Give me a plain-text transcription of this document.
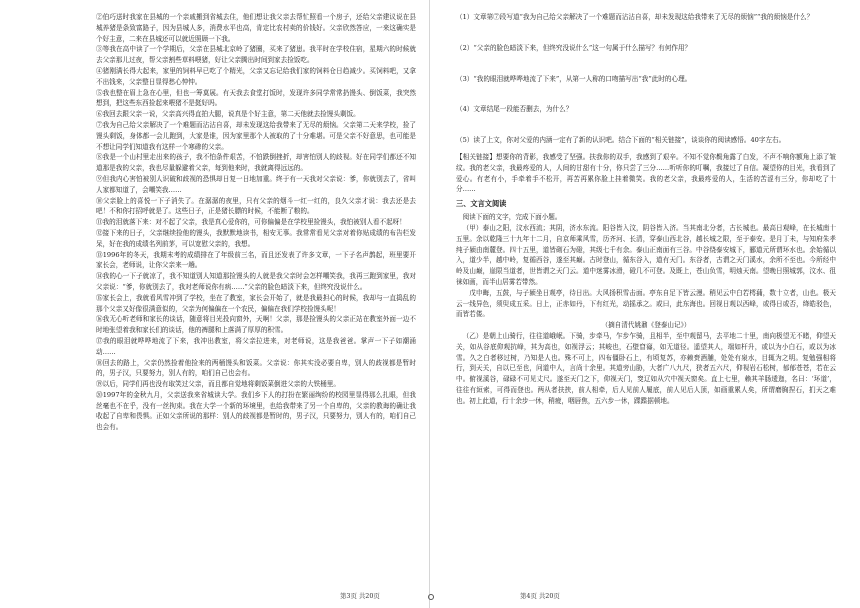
②伯巧送时我家在县城的一个亲戚搬到省城去住，他们想让我父亲去帮忙照看一个房子，还给父亲建议说在县城养猪是条致富路子，因为县城人多，消费水平也高，肯定比农村卖的价钱好。父亲欣然答应，一来这确实是个好主意，二来在县城还可以就近照顾一下我。

③等我在高中读了一个学期后，父亲在县城北京岭了猪圈，买来了猪崽。我平时在学校住宿，星期六的时候就去父亲那儿过夜，帮父亲割些草料喂猪，好让父亲腾出时间到家去捡饭吃。

④猪刚满长得大起来，家里的饲料早已吃了个精光，父亲又忘记给我们家的饲料仓日趋减少。买饲料吧，又拿不出钱来，父亲整日显得愁心忡忡。

⑤我也整在眉上急在心里，但也一筹莫展。有天我去食堂打饭时，发现许多同学常常扔馒头、倒饭菜，我突然想到，把这些东西捡起来喂猪不是挺好吗。

⑥我回去跟父亲一说，父亲高兴得直拍大腿，说真是个好主意，第二天他就去捡馒头剩饭。

⑦我为自己给父亲解决了一个难题而沾沾自喜，却未发现这给我带来了无尽的烦恼。父亲第二天来学校，捡了馒头剩饭，身体都一会儿跑到，大家是谁，因为家里那个人被取的了十分难堪。可是父亲不好意思，也可能是不想让同学们知道我有这样一个寒碜的父亲。

⑧我是一个山村里走出来的孩子，我不怕条件艰苦，不怕跌倒挫折，却害怕别人的歧视。好在同学们都还不知道那是我的父亲，我也尽量躲避着父亲，每到他来时，我就离得远远的。

⑨但我内心害怕被别人识破和歧视的恐惧却日复一日地加重。终于有一天我对父亲说：爹，你就别去了，省叫人家都知道了，会嘲笑我……

⑩父亲脸上的喜悦一下子消失了。在潺潺的夜里，只有父亲的烟斗一红一红的，良久父亲才说：我去还是去吧！不和你打招呼就是了。这些日子，正是猪长膘的时候，不能断了粮的。

⑪我的泪就落下来：对不起了父亲，我是真心爱你的，可你偏偏是在学校里捡馒头，我怕被别人看不起呀！

⑫接下来的日子，父亲继续捡他的馒头，我默默地读书，相安无事。我常常看见父亲对着你贴成绩的布告栏发呆，好在我的成绩名列前茅，可以宽慰父亲的，我想。

⑬1996年的冬天，我期末考的成绩排在了年级前三名，而且还发表了许多文章，一下子名声鹊起，班里要开家长会，老师说，让你父亲来一趟。

⑭我的心一下子就凉了，我不知道别人知道那捡馒头的人就是我父亲时会怎样嘲笑我，我再三跑到家里，我对父亲说：“爹，你就别去了，我对老师说你有病……”父亲的脸色暗淡下来，但终究没说什么。

⑮家长会上，我就看风雪冲到了学校，坐在了教室，家长会开始了，就是我最担心的时候，我却与一直捣乱的那个父亲又好像很满意似的，父亲为何偏偏在一个农民，偏偏在我们学校捡馒头呢！

⑯我无心听老师和家长的谈话，随意将目光投向窗外，天啊！父亲，那是捡馒头的父亲正站在教室外面一边不时地张望着我和家长们的谈话，他的裤腿和上落满了厚厚的积雪。

⑰我的眼泪就哗哗地流了下来，我冲出教室，将父亲拉进来，对老师说，这是我爸爸。掌声一下子如潮涌动……

⑱回去的路上，父亲仍然捡着他捡来的两桶馒头和饭菜。父亲说：你其实没必要自卑，别人的歧视都是暂时的，男子汉，只要努力，别人有的，咱们自己也会有。

⑲以后，同学们再也没有取笑过父亲，而且都自觉地将剩饭菜倒进父亲的大铁桶里。

⑳1997年的金秋九月，父亲送我来省城读大学。我们乡下人的打扮在繁丽绚纷的校园里显得那么扎眼，但我丝毫也不在乎，没有一丝拘束。我在大学一个新的环境里，也给我带来了另一个自卑的，父亲的教诲的确让我收起了自卑和畏惧。正如父亲所说的那样：别人的歧视都是暂时的，男子汉，只要努力，别人有的，咱们自己也会有。

（1）文章第⑦段写道“我为自己给父亲解决了一个难题而沾沾自喜，却未发现这给我带来了无尽的烦恼”“我的烦恼是什么？

（2）“父亲的脸色暗淡下来，但终究没说什么”这一句属于什么描写？有何作用？

（3）“我的眼泪就哗哗地流了下来”，从第一人称的口吻描写出“我”此时的心理。

（4）文章结尾一段能否删去，为什么？

（5）读了上文，你对父爱的内涵一定有了新的认识吧。结合下面的“相关链接”，谈谈你的阅读感悟。40字左右。

【相关链接】想要你的背影，我感受了坚强。扶我你的双手，我感到了艰辛。不知不觉你鬓角露了白发，不声不响你额角上添了皱纹。我的老父亲，我最疼爱的人，人间的甘甜有十分，你只尝了三分……听听你的叮嘱，我接过了自信。凝望你的目光，我看到了爱心。有老有小，手牵着手不松开，再苦再累你脸上挂着微笑。我的老父亲，我最疼爱的人，生活的苦涩有三分，你却吃了十分……

三、文言文阅读

阅读下面的文字，完成下面小题。

（甲）泰山之阳，汶水西流；其阴，济水东流。阳谷皆入汶，阴谷皆入济。当其南北分者，古长城也。最高日观峰，在长城南十五里。余以乾隆三十九年十二月，自京师乘风雪，历齐河、长清，穿泰山西北谷，越长城之限，至于泰安。是月丁未，与知府朱孝纯子颍由南麓登。四十五里，道皆砌石为磴，其级七千有余。泰山正南面有三谷。中谷绕泰安城下，郦道元所谓环水也。余始循以入，道少半，越中岭，复循西谷，遂至其巅。古时登山，循东谷入，道有天门。东谷者，古谓之天门溪水，余所不至也。今所经中岭及山巅，崖限当道者，世皆谓之天门云。道中迷雾冰滑，磴几不可登。及既上，苍山负雪，明烛天南。望晚日照城郭，汶水、徂徕如画，而半山居雾若带然。

戊申晦，五鼓，与子颍坐日观亭，待日出。大风扬积雪击面。亭东自足下皆云漫。稍见云中白若樗蒱，数十立者，山也。极天云一线异色，须臾成五采。日上，正赤如丹，下有红光，动摇承之。或曰，此东海也。回视日观以西峰，或得日或否，绛皓驳色，而皆若偻。

（摘自清代姚鼐《登泰山记》）

（乙）是朝上山骑行，往往道峨岷。下骑，步牵马，乍步乍骑，且相半，至中观留马，去平地二十里，南向极望无不睹，仰望天关，如从谷底仰观抗峰，其为高也，如视浮云；其峻也，石壁窅窱，如无道径。遥望其人，端如杆升，或以为小白石，或以为冰雪。久之白者移过树，乃知是人也。殊不可上，四布僵卧石上，有顷复苏，亦赖赍酒脯，处处有泉水，目辄为之明。复勉强相将行，到天关，自以已至也，问道中人，言尚十余里。其道旁山胁，大者广八九尺，狭者五六尺，仰视岩石松树，郁郁苍苍，若在云中。俯视溪谷，碌碌不可见丈尺。遂至天门之下，仰视天门，窔辽如从穴中视天窗矣。直上七里，赖其羊肠逶迤，名曰：‘环道’，往往有絙索，可得而登也。两从者扶挟，前人相牵，后人见前人履底，前人见后人顶，如画重累人矣，所谓磨胸捏石，扪天之难也。初上此道，行十余步一休，稍疲，咽唇焦，五六步一休，蹀蹀据顿地。

第3页 共20页	第4页 共20页
